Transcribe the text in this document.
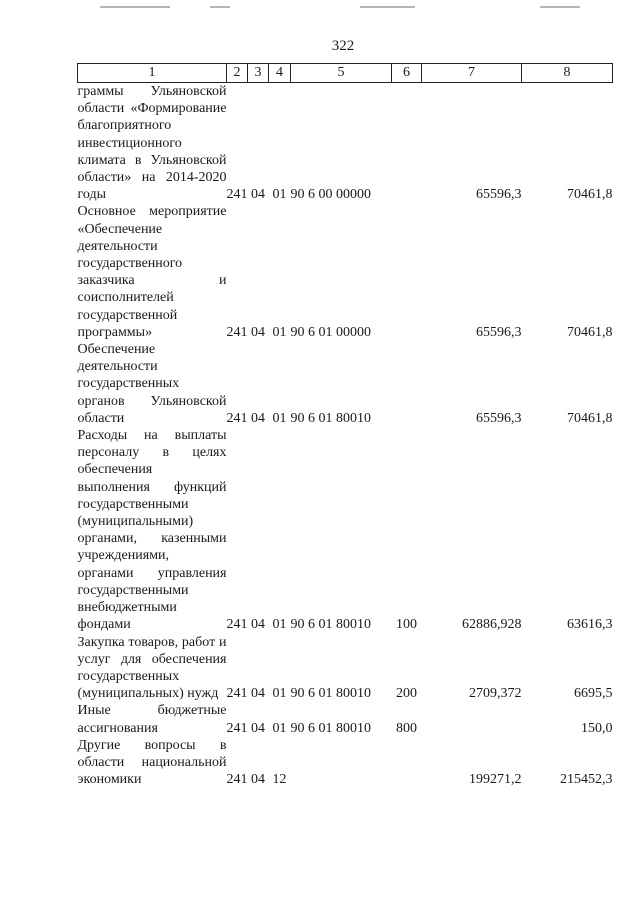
322
1	2	3	4	5	6	7	8
граммы Ульяновской области «Формирование благоприятного инвестиционного климата в Ульяновской области» на 2014-2020 годы	241	04	01	90 6 00 00000		65596,3	70461,8
Основное мероприятие «Обеспечение деятельности государственного заказчика и соисполнителей государственной программы»	241	04	01	90 6 01 00000		65596,3	70461,8
Обеспечение деятельности государственных органов Ульяновской области	241	04	01	90 6 01 80010		65596,3	70461,8
Расходы на выплаты персоналу в целях обеспечения выполнения функций государственными (муниципальными) органами, казенными учреждениями, органами управления государственными внебюджетными фондами	241	04	01	90 6 01 80010	100	62886,928	63616,3
Закупка товаров, работ и услуг для обеспечения государственных (муниципальных) нужд	241	04	01	90 6 01 80010	200	2709,372	6695,5
Иные бюджетные ассигнования	241	04	01	90 6 01 80010	800		150,0
Другие вопросы в области национальной экономики	241	04	12			199271,2	215452,3
